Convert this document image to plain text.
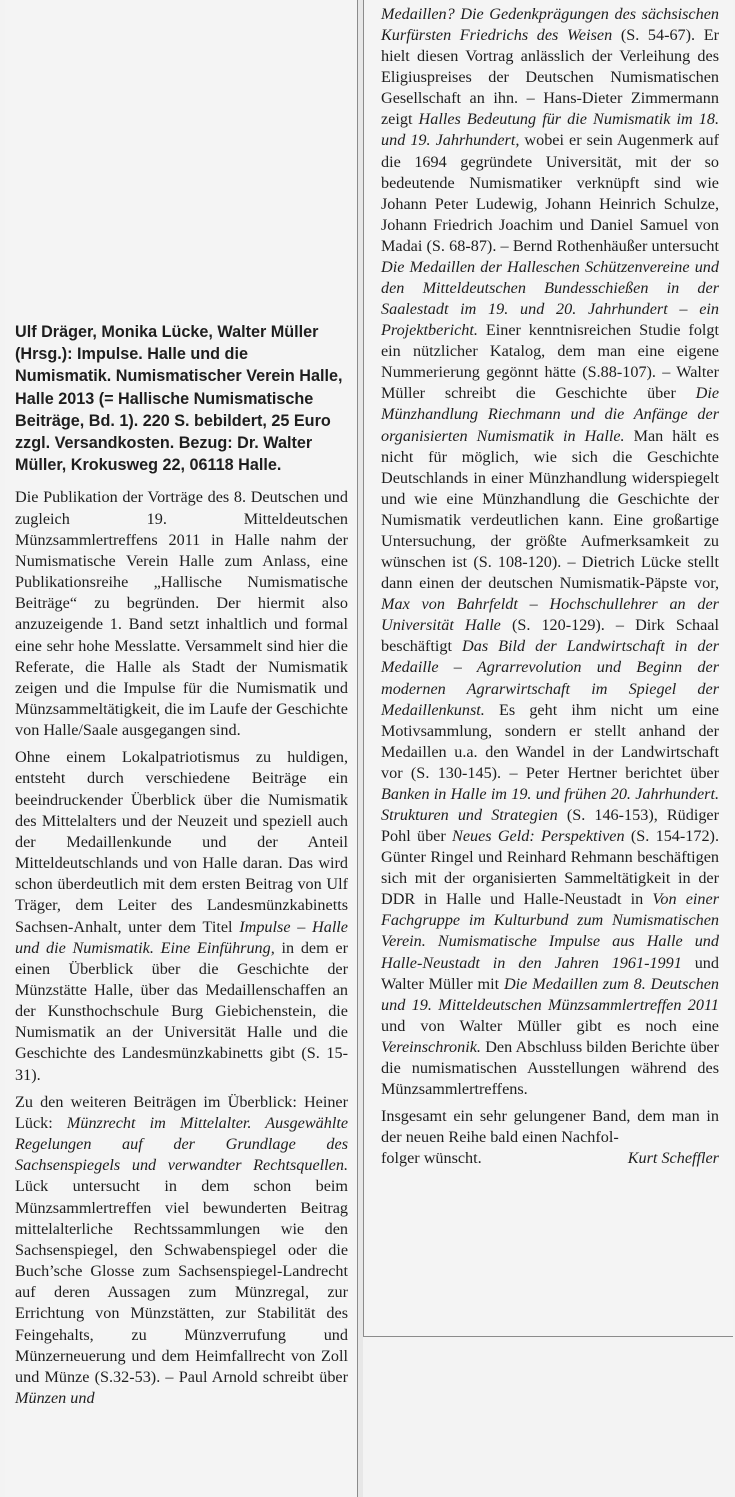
Ulf Dräger, Monika Lücke, Walter Müller (Hrsg.): Impulse. Halle und die Numismatik. Numismatischer Verein Halle, Halle 2013 (= Hallische Numismatische Beiträge, Bd. 1). 220 S. bebildert, 25 Euro zzgl. Versandkosten. Bezug: Dr. Walter Müller, Krokusweg 22, 06118 Halle.

Die Publikation der Vorträge des 8. Deutschen und zugleich 19. Mitteldeutschen Münzsammlertreffens 2011 in Halle nahm der Numismatische Verein Halle zum Anlass, eine Publikationsreihe „Hallische Numismatische Beiträge“ zu begründen. Der hiermit also anzuzeigende 1. Band setzt inhaltlich und formal eine sehr hohe Messlatte. Versammelt sind hier die Referate, die Halle als Stadt der Numismatik zeigen und die Impulse für die Numismatik und Münzsammeltätigkeit, die im Laufe der Geschichte von Halle/Saale ausgegangen sind.

Ohne einem Lokalpatriotismus zu huldigen, entsteht durch verschiedene Beiträge ein beeindruckender Überblick über die Numismatik des Mittelalters und der Neuzeit und speziell auch der Medaillenkunde und der Anteil Mitteldeutschlands und von Halle daran. Das wird schon überdeutlich mit dem ersten Beitrag von Ulf Träger, dem Leiter des Landesmünzkabinetts Sachsen-Anhalt, unter dem Titel Impulse – Halle und die Numismatik. Eine Einführung, in dem er einen Überblick über die Geschichte der Münzstätte Halle, über das Medaillenschaffen an der Kunsthochschule Burg Giebichenstein, die Numismatik an der Universität Halle und die Geschichte des Landesmünzkabinetts gibt (S. 15-31).

Zu den weiteren Beiträgen im Überblick: Heiner Lück: Münzrecht im Mittelalter. Ausgewählte Regelungen auf der Grundlage des Sachsenspiegels und verwandter Rechtsquellen. Lück untersucht in dem schon beim Münzsammlertreffen viel bewunderten Beitrag mittelalterliche Rechtssammlungen wie den Sachsenspiegel, den Schwabenspiegel oder die Buch’sche Glosse zum Sachsenspiegel-Landrecht auf deren Aussagen zum Münzregal, zur Errichtung von Münzstätten, zur Stabilität des Feingehalts, zu Münzverrufung und Münzerneuerung und dem Heimfallrecht von Zoll und Münze (S.32-53). – Paul Arnold schreibt über Münzen und

Medaillen? Die Gedenkprägungen des sächsischen Kurfürsten Friedrichs des Weisen (S. 54-67). Er hielt diesen Vortrag anlässlich der Verleihung des Eligiuspreises der Deutschen Numismatischen Gesellschaft an ihn. – Hans-Dieter Zimmermann zeigt Halles Bedeutung für die Numismatik im 18. und 19. Jahrhundert, wobei er sein Augenmerk auf die 1694 gegründete Universität, mit der so bedeutende Numismatiker verknüpft sind wie Johann Peter Ludewig, Johann Heinrich Schulze, Johann Friedrich Joachim und Daniel Samuel von Madai (S. 68-87). – Bernd Rothenhäußer untersucht Die Medaillen der Halleschen Schützenvereine und den Mitteldeutschen Bundesschießen in der Saalestadt im 19. und 20. Jahrhundert – ein Projektbericht. Einer kenntnisreichen Studie folgt ein nützlicher Katalog, dem man eine eigene Nummerierung gegönnt hätte (S.88-107). – Walter Müller schreibt die Geschichte über Die Münzhandlung Riechmann und die Anfänge der organisierten Numismatik in Halle. Man hält es nicht für möglich, wie sich die Geschichte Deutschlands in einer Münzhandlung widerspiegelt und wie eine Münzhandlung die Geschichte der Numismatik verdeutlichen kann. Eine großartige Untersuchung, der größte Aufmerksamkeit zu wünschen ist (S. 108-120). – Dietrich Lücke stellt dann einen der deutschen Numismatik-Päpste vor, Max von Bahrfeldt – Hochschullehrer an der Universität Halle (S. 120-129). – Dirk Schaal beschäftigt Das Bild der Landwirtschaft in der Medaille – Agrarrevolution und Beginn der modernen Agrarwirtschaft im Spiegel der Medaillenkunst. Es geht ihm nicht um eine Motivsammlung, sondern er stellt anhand der Medaillen u.a. den Wandel in der Landwirtschaft vor (S. 130-145). – Peter Hertner berichtet über Banken in Halle im 19. und frühen 20. Jahrhundert. Strukturen und Strategien (S. 146-153), Rüdiger Pohl über Neues Geld: Perspektiven (S. 154-172). Günter Ringel und Reinhard Rehmann beschäftigen sich mit der organisierten Sammeltätigkeit in der DDR in Halle und Halle-Neustadt in Von einer Fachgruppe im Kulturbund zum Numismatischen Verein. Numismatische Impulse aus Halle und Halle-Neustadt in den Jahren 1961-1991 und Walter Müller mit Die Medaillen zum 8. Deutschen und 19. Mitteldeutschen Münzsammlertreffen 2011 und von Walter Müller gibt es noch eine Vereinschronik. Den Abschluss bilden Berichte über die numismatischen Ausstellungen während des Münzsammlertreffens.

Insgesamt ein sehr gelungener Band, dem man in der neuen Reihe bald einen Nachfol-
folger wünscht.	Kurt Scheffler
